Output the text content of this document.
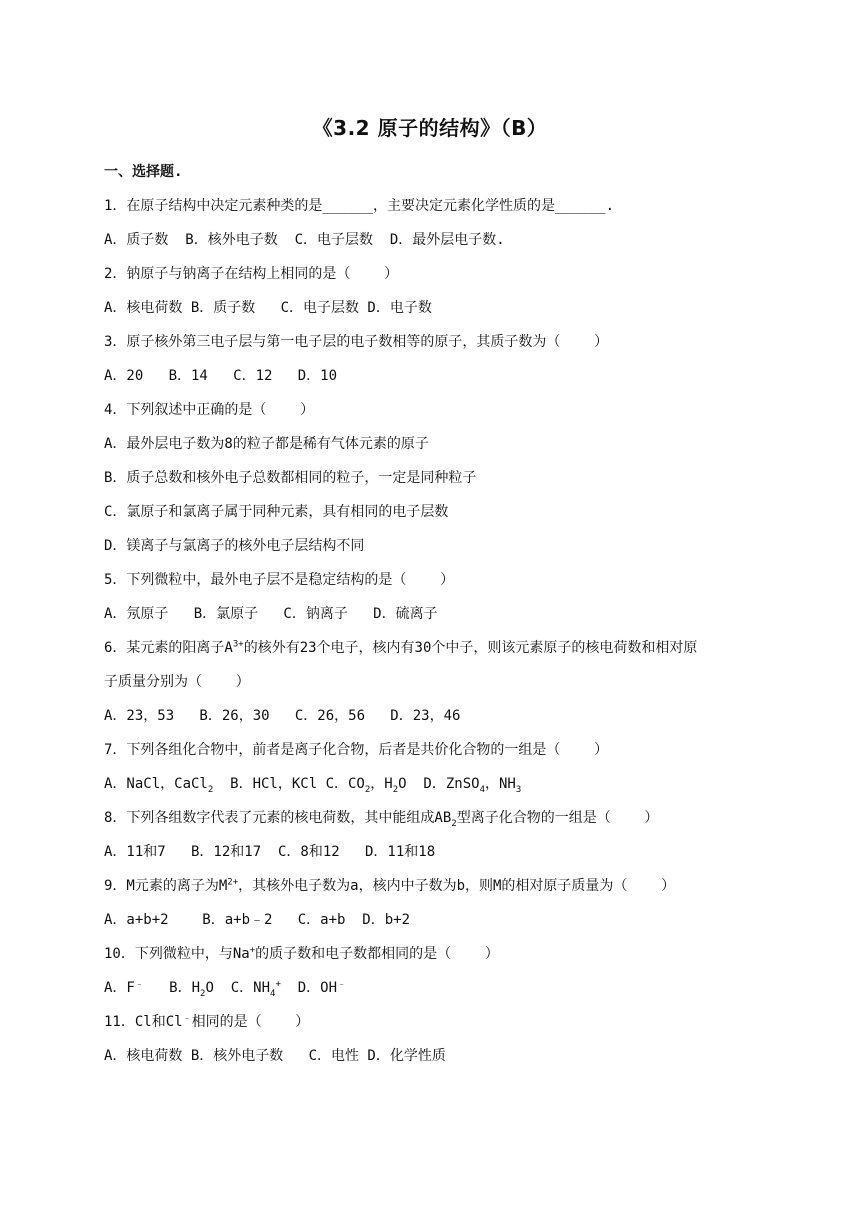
《3.2 原子的结构》（B）
一、选择题.
1．在原子结构中决定元素种类的是______，主要决定元素化学性质的是______.
A．质子数  B．核外电子数  C．电子层数  D．最外层电子数.
2．钠原子与钠离子在结构上相同的是（    ）
A．核电荷数 B．质子数   C．电子层数 D．电子数
3．原子核外第三电子层与第一电子层的电子数相等的原子，其质子数为（    ）
A．20   B．14   C．12   D．10
4．下列叙述中正确的是（    ）
A．最外层电子数为8的粒子都是稀有气体元素的原子
B．质子总数和核外电子总数都相同的粒子，一定是同种粒子
C．氯原子和氯离子属于同种元素，具有相同的电子层数
D．镁离子与氯离子的核外电子层结构不同
5．下列微粒中，最外电子层不是稳定结构的是（    ）
A．氖原子   B．氯原子   C．钠离子   D．硫离子
6．某元素的阳离子$A^{3+}$的核外有23个电子，核内有30个中子，则该元素原子的核电荷数和相对原
子质量分别为（    ）
A．23，53   B．26，30   C．26，56   D．23，46
7．下列各组化合物中，前者是离子化合物，后者是共价化合物的一组是（    ）
A．NaCl，CaCl$_2$  B．HCl，KCl C．$CO_2$，$H_2O$  D．ZnSO$_4$，$NH_3$
8．下列各组数字代表了元素的核电荷数，其中能组成$AB_2$型离子化合物的一组是（    ）
A．11和7   B．12和17  C．8和12   D．11和18
9．M元素的离子为$M^{2+}$，其核外电子数为a，核内中子数为b，则M的相对原子质量为（    ）
A．a+b+2    B．a+b﹣2   C．a+b  D．b+2
10．下列微粒中，与Na+的质子数和电子数都相同的是（    ）
A．F﹣   B．$H_2O$  C．$NH_4^+$  D．OH﹣
11．Cl和Cl﹣相同的是（    ）
A．核电荷数 B．核外电子数   C．电性 D．化学性质
